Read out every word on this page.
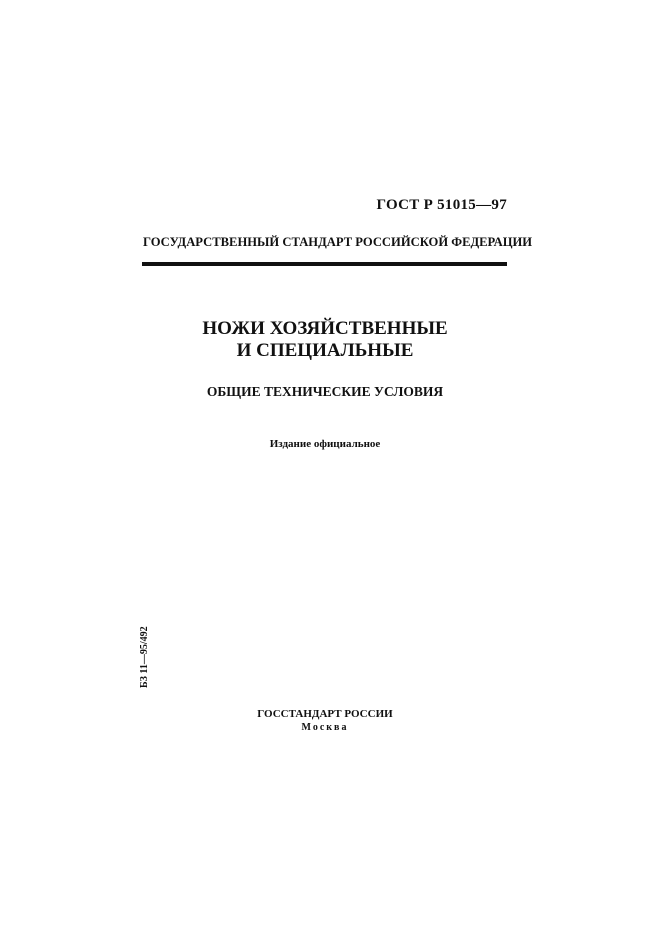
ГОСТ Р 51015—97
ГОСУДАРСТВЕННЫЙ СТАНДАРТ РОССИЙСКОЙ ФЕДЕРАЦИИ
НОЖИ ХОЗЯЙСТВЕННЫЕ
И СПЕЦИАЛЬНЫЕ
ОБЩИЕ ТЕХНИЧЕСКИЕ УСЛОВИЯ
Издание официальное
БЗ 11—95/492
ГОССТАНДАРТ РОССИИ
Москва
